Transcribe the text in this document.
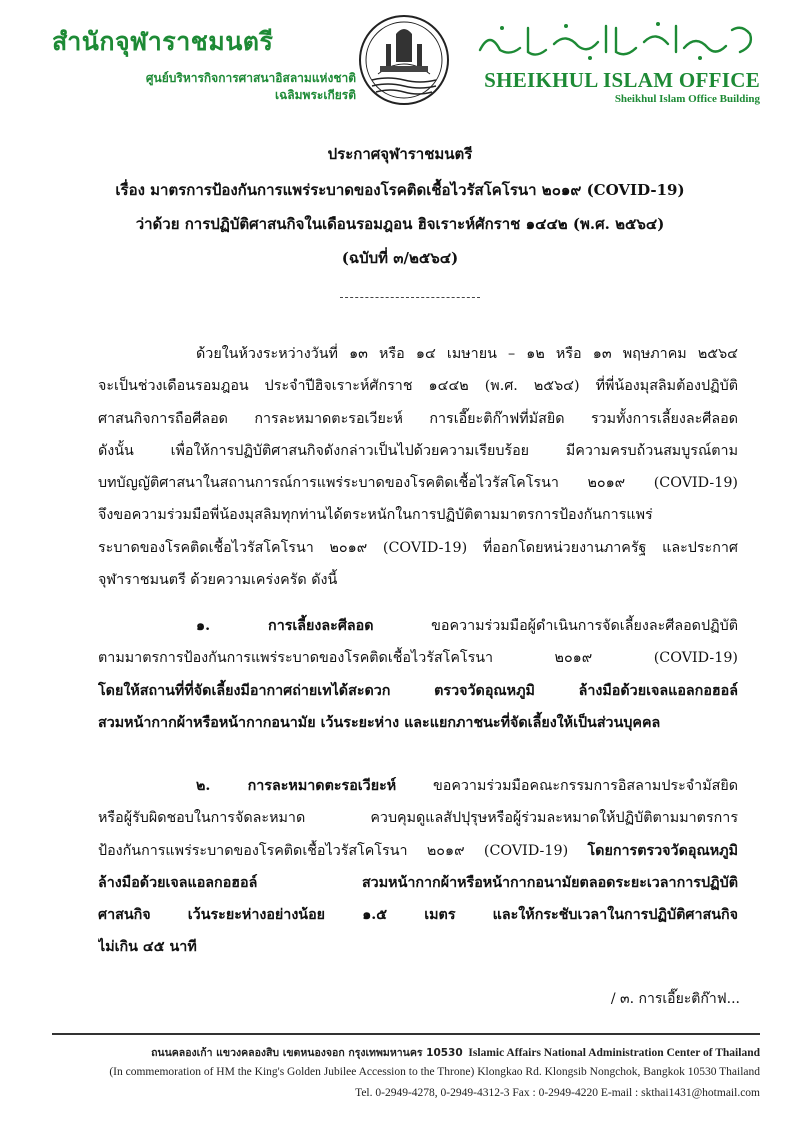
สำนักจุฬาราชมนตรี
ศูนย์บริหารกิจการศาสนาอิสลามแห่งชาติ
เฉลิมพระเกียรติ
SHEIKHUL ISLAM OFFICE
Sheikhul Islam Office Building
ประกาศจุฬาราชมนตรี
เรื่อง มาตรการป้องกันการแพร่ระบาดของโรคติดเชื้อไวรัสโคโรนา ๒๐๑๙ (COVID-19)
ว่าด้วย การปฏิบัติศาสนกิจในเดือนรอมฎอน ฮิจเราะห์ศักราช ๑๔๔๒ (พ.ศ. ๒๕๖๔)
(ฉบับที่ ๓/๒๕๖๔)
ด้วยในห้วงระหว่างวันที่ ๑๓ หรือ ๑๔ เมษายน – ๑๒ หรือ ๑๓ พฤษภาคม ๒๕๖๔
จะเป็นช่วงเดือนรอมฎอน ประจำปีฮิจเราะห์ศักราช ๑๔๔๒ (พ.ศ. ๒๕๖๔) ที่พี่น้องมุสลิมต้องปฏิบัติ
ศาสนกิจการถือศีลอด การละหมาดตะรอเวียะห์ การเอี๊ยะติก๊าฟที่มัสยิด รวมทั้งการเลี้ยงละศีลอด
ดังนั้น เพื่อให้การปฏิบัติศาสนกิจดังกล่าวเป็นไปด้วยความเรียบร้อย มีความครบถ้วนสมบูรณ์ตาม
บทบัญญัติศาสนาในสถานการณ์การแพร่ระบาดของโรคติดเชื้อไวรัสโคโรนา ๒๐๑๙ (COVID-19)
จึงขอความร่วมมือพี่น้องมุสลิมทุกท่านได้ตระหนักในการปฏิบัติตามมาตรการป้องกันการแพร่
ระบาดของโรคติดเชื้อไวรัสโคโรนา ๒๐๑๙ (COVID-19) ที่ออกโดยหน่วยงานภาครัฐ และประกาศ
จุฬาราชมนตรี ด้วยความเคร่งครัด ดังนี้
๑. การเลี้ยงละศีลอด ขอความร่วมมือผู้ดำเนินการจัดเลี้ยงละศีลอดปฏิบัติ
ตามมาตรการป้องกันการแพร่ระบาดของโรคติดเชื้อไวรัสโคโรนา ๒๐๑๙ (COVID-19)
โดยให้สถานที่ที่จัดเลี้ยงมีอากาศถ่ายเทได้สะดวก ตรวจวัดอุณหภูมิ ล้างมือด้วยเจลแอลกอฮอล์
สวมหน้ากากผ้าหรือหน้ากากอนามัย เว้นระยะห่าง และแยกภาชนะที่จัดเลี้ยงให้เป็นส่วนบุคคล
๒. การละหมาดตะรอเวียะห์ ขอความร่วมมือคณะกรรมการอิสลามประจำมัสยิด
หรือผู้รับผิดชอบในการจัดละหมาด ควบคุมดูแลสัปปุรุษหรือผู้ร่วมละหมาดให้ปฏิบัติตามมาตรการ
ป้องกันการแพร่ระบาดของโรคติดเชื้อไวรัสโคโรนา ๒๐๑๙ (COVID-19) โดยการตรวจวัดอุณหภูมิ
ล้างมือด้วยเจลแอลกอฮอล์ สวมหน้ากากผ้าหรือหน้ากากอนามัยตลอดระยะเวลาการปฏิบัติ
ศาสนกิจ เว้นระยะห่างอย่างน้อย ๑.๕ เมตร และให้กระชับเวลาในการปฏิบัติศาสนกิจ
ไม่เกิน ๔๕ นาที
/ ๓. การเอี๊ยะติก๊าฟ...
ถนนคลองเก้า แขวงคลองสิบ เขตหนองจอก กรุงเทพมหานคร 10530 Islamic Affairs National Administration Center of Thailand
(In commemoration of HM the King's Golden Jubilee Accession to the Throne) Klongkao Rd. Klongsib Nongchok, Bangkok 10530 Thailand
Tel. 0-2949-4278, 0-2949-4312-3 Fax : 0-2949-4220 E-mail : skthai1431@hotmail.com
